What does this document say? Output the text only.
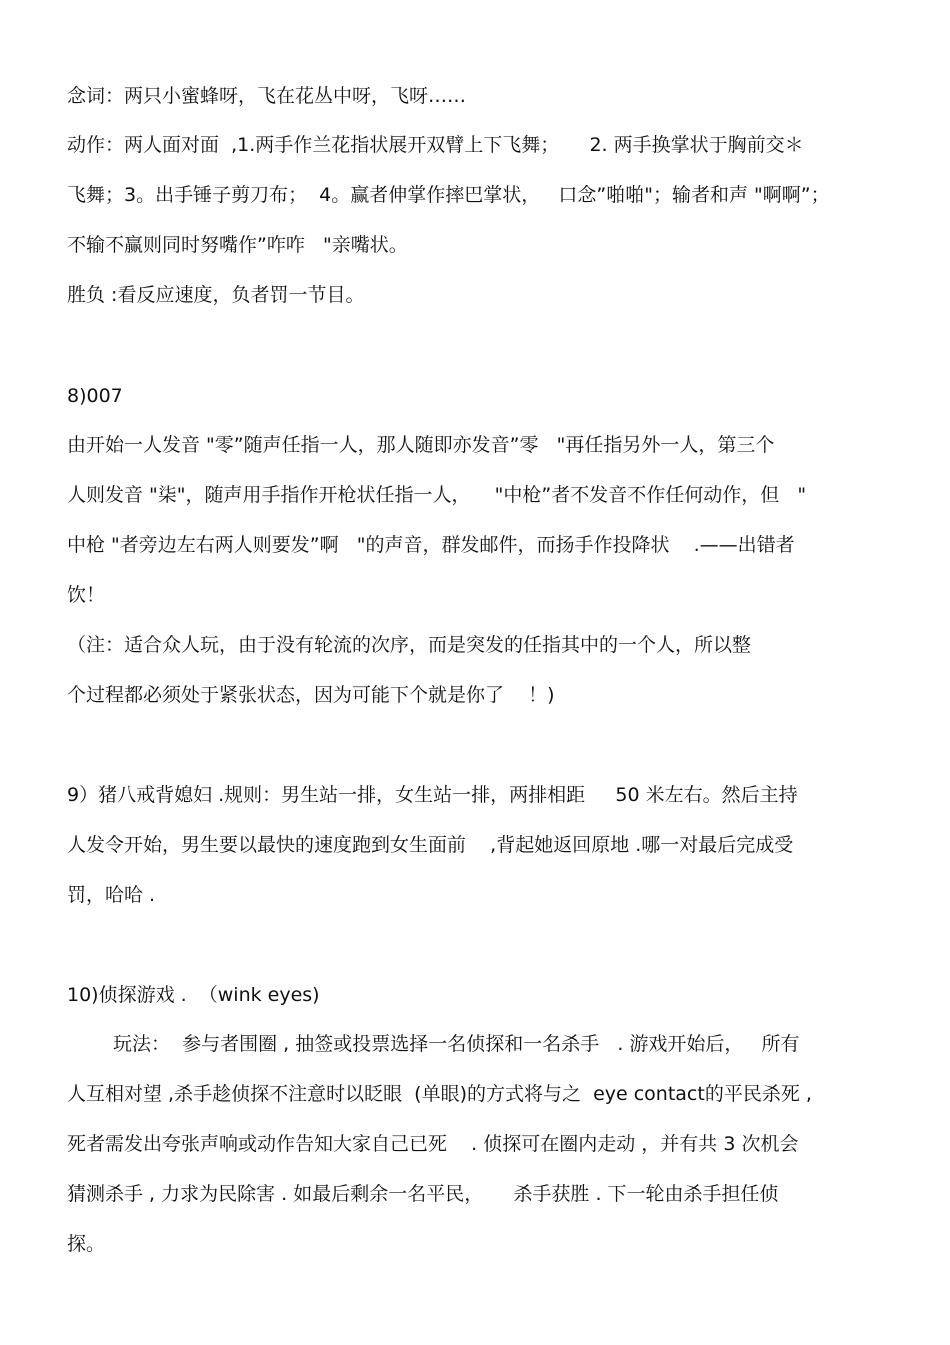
念词：两只小蜜蜂呀，飞在花丛中呀，飞呀……
动作：两人面对面  ,1.两手作兰花指状展开双臂上下飞舞；     2. 两手换掌状于胸前交＊
飞舞；3。出手锤子剪刀布；  4。赢者伸掌作摔巴掌状，   口念”啪啪"；输者和声 "啊啊”；
不输不赢则同时努嘴作”咋咋   "亲嘴状。
胜负 :看反应速度，负者罚一节目。
8)007
由开始一人发音 "零”随声任指一人，那人随即亦发音”零   "再任指另外一人，第三个
人则发音 "柒"，随声用手指作开枪状任指一人，    "中枪”者不发音不作任何动作，但   "
中枪 "者旁边左右两人则要发”啊   "的声音，群发邮件，而扬手作投降状    .——出错者
饮！
（注：适合众人玩，由于没有轮流的次序，而是突发的任指其中的一个人，所以整
个过程都必须处于紧张状态，因为可能下个就是你了    ！)
9）猪八戒背媳妇 .规则：男生站一排，女生站一排，两排相距     50 米左右。然后主持
人发令开始，男生要以最快的速度跑到女生面前    ,背起她返回原地 .哪一对最后完成受
罚，哈哈 .
10)侦探游戏 .  （wink eyes)
玩法：  参与者围圈 , 抽签或投票选择一名侦探和一名杀手   . 游戏开始后，   所有
人互相对望 ,杀手趁侦探不注意时以眨眼  (单眼)的方式将与之  eye contact的平民杀死 ,
死者需发出夸张声响或动作告知大家自己已死    . 侦探可在圈内走动 ，并有共 3 次机会
猜测杀手 , 力求为民除害 . 如最后剩余一名平民，     杀手获胜 . 下一轮由杀手担任侦
探。
